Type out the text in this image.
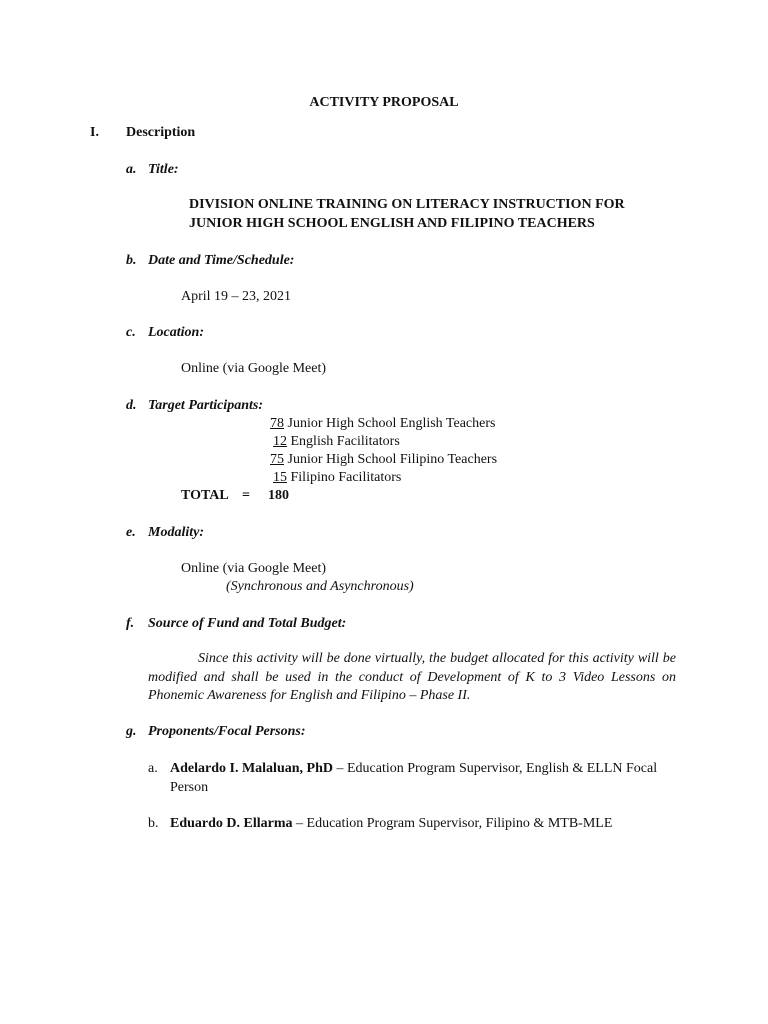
ACTIVITY PROPOSAL
I. Description
a. Title:
DIVISION ONLINE TRAINING ON LITERACY INSTRUCTION FOR
JUNIOR HIGH SCHOOL ENGLISH AND FILIPINO TEACHERS
b. Date and Time/Schedule:
April 19 – 23, 2021
c. Location:
Online (via Google Meet)
d. Target Participants:
78 Junior High School English Teachers
12 English Facilitators
75 Junior High School Filipino Teachers
15 Filipino Facilitators
TOTAL = 180
e. Modality:
Online (via Google Meet)
(Synchronous and Asynchronous)
f. Source of Fund and Total Budget:
Since this activity will be done virtually, the budget allocated for this activity will be modified and shall be used in the conduct of Development of K to 3 Video Lessons on Phonemic Awareness for English and Filipino – Phase II.
g. Proponents/Focal Persons:
a. Adelardo I. Malaluan, PhD – Education Program Supervisor, English & ELLN Focal Person
b. Eduardo D. Ellarma – Education Program Supervisor, Filipino & MTB-MLE
